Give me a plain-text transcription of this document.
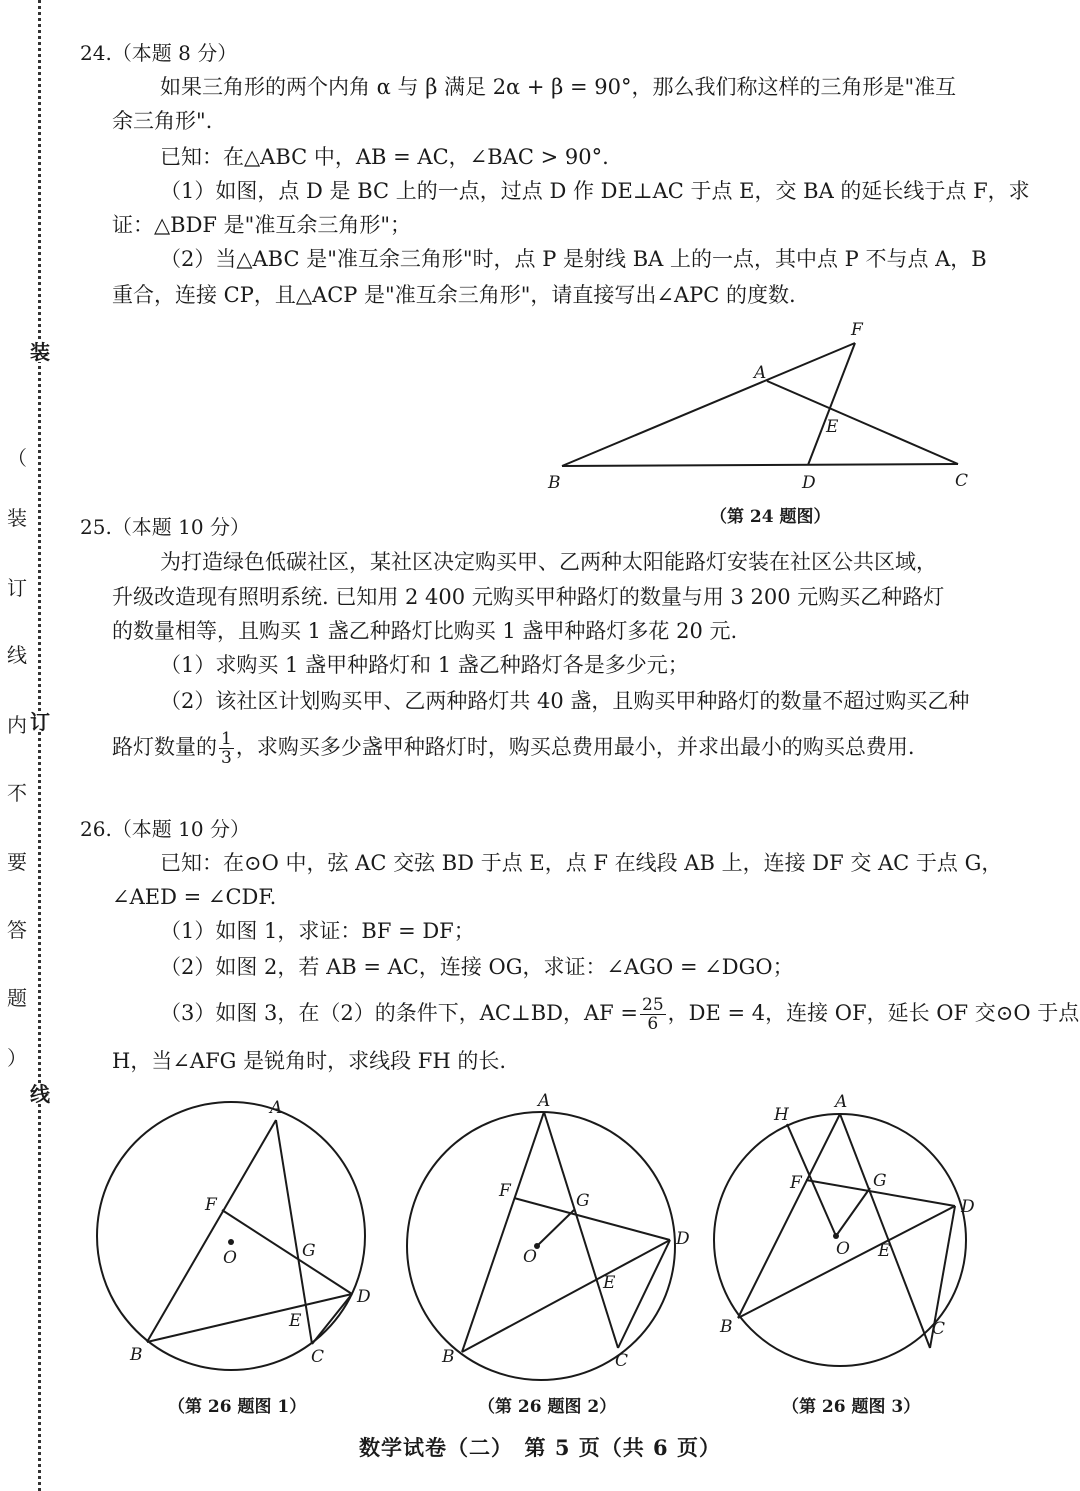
（
装
订
线
内
不
要
答
题
）
装
订
线
24.（本题 8 分）
如果三角形的两个内角 α 与 β 满足 2α + β = 90°，那么我们称这样的三角形是"准互
余三角形".
已知：在△ABC 中，AB = AC，∠BAC > 90°.
（1）如图，点 D 是 BC 上的一点，过点 D 作 DE⊥AC 于点 E，交 BA 的延长线于点 F，求
证：△BDF 是"准互余三角形"；
（2）当△ABC 是"准互余三角形"时，点 P 是射线 BA 上的一点，其中点 P 不与点 A，B
重合，连接 CP，且△ACP 是"准互余三角形"，请直接写出∠APC 的度数.
F
A
E
B	D	C
（第 24 题图）
25.（本题 10 分）
为打造绿色低碳社区，某社区决定购买甲、乙两种太阳能路灯安装在社区公共区域，
升级改造现有照明系统. 已知用 2 400 元购买甲种路灯的数量与用 3 200 元购买乙种路灯
的数量相等，且购买 1 盏乙种路灯比购买 1 盏甲种路灯多花 20 元.
（1）求购买 1 盏甲种路灯和 1 盏乙种路灯各是多少元；
（2）该社区计划购买甲、乙两种路灯共 40 盏，且购买甲种路灯的数量不超过购买乙种
路灯数量的 $\frac{1}{3}$ ，求购买多少盏甲种路灯时，购买总费用最小，并求出最小的购买总费用.
26.（本题 10 分）
已知：在⊙O 中，弦 AC 交弦 BD 于点 E，点 F 在线段 AB 上，连接 DF 交 AC 于点 G，
∠AED = ∠CDF.
（1）如图 1，求证：BF = DF；
（2）如图 2，若 AB = AC，连接 OG，求证：∠AGO = ∠DGO；
（3）如图 3，在（2）的条件下，AC⊥BD，AF = $\frac{25}{6}$ ，DE = 4，连接 OF，延长 OF 交⊙O 于点
H，当∠AFG 是锐角时，求线段 FH 的长.
A
B	C
D
E
F
G
O
A
B	C
D
E
F	G
O
A
B	C
D
E
F	G
O
H
（第 26 题图 1）	（第 26 题图 2）	（第 26 题图 3）
数学试卷（二）　第 5 页（共 6 页）
